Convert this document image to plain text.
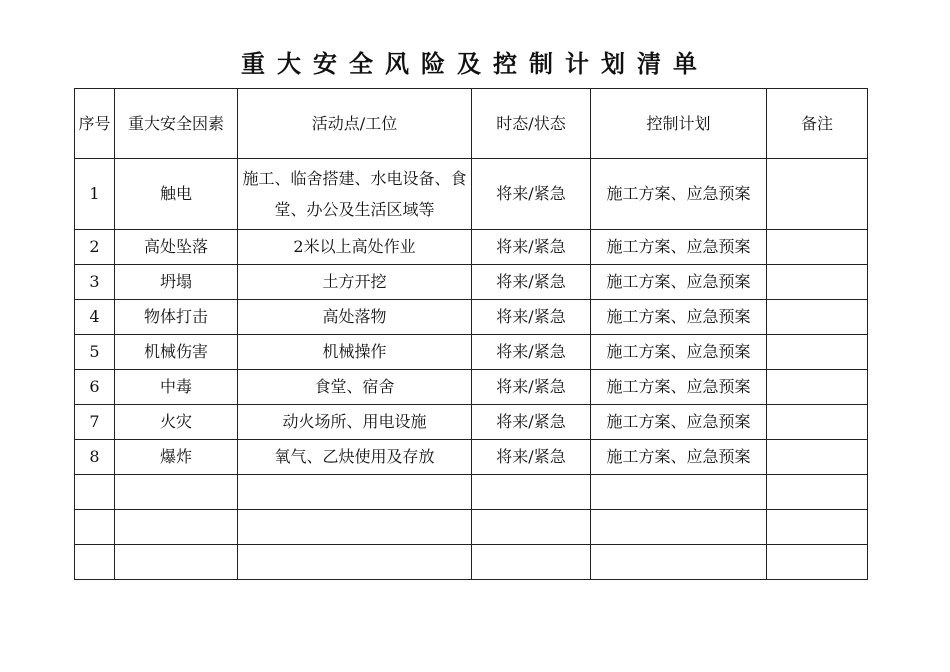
重大安全风险及控制计划清单
序号	重大安全因素	活动点/工位	时态/状态	控制计划	备注
1	触电	施工、临舍搭建、水电设备、食堂、办公及生活区域等	将来/紧急	施工方案、应急预案	
2	高处坠落	2米以上高处作业	将来/紧急	施工方案、应急预案	
3	坍塌	土方开挖	将来/紧急	施工方案、应急预案	
4	物体打击	高处落物	将来/紧急	施工方案、应急预案	
5	机械伤害	机械操作	将来/紧急	施工方案、应急预案	
6	中毒	食堂、宿舍	将来/紧急	施工方案、应急预案	
7	火灾	动火场所、用电设施	将来/紧急	施工方案、应急预案	
8	爆炸	氧气、乙炔使用及存放	将来/紧急	施工方案、应急预案	
